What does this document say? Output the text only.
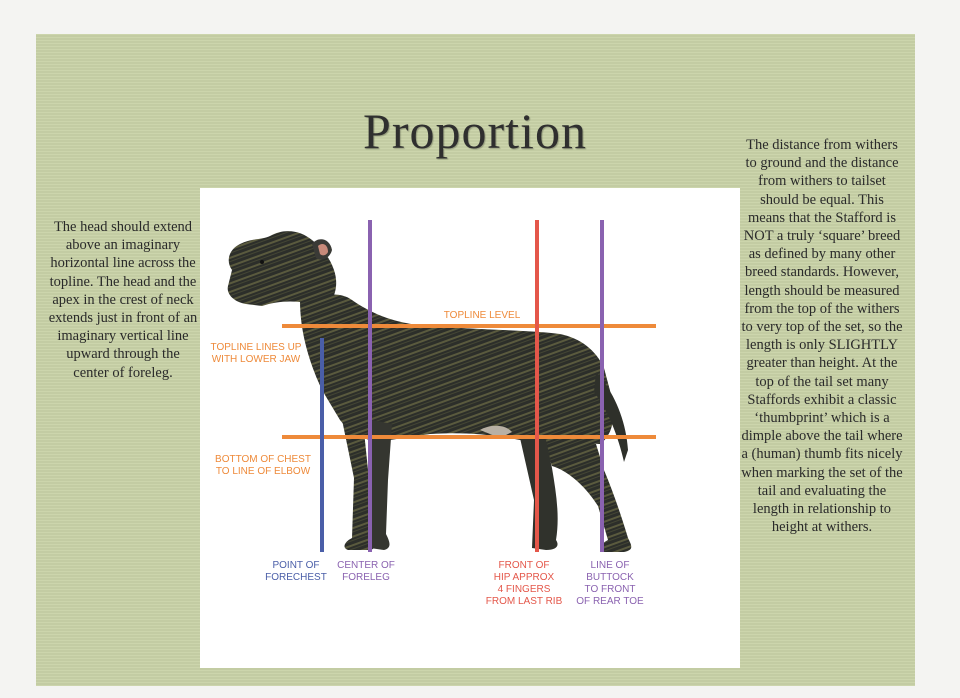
Proportion
The head should extend above an imaginary horizontal line across the topline. The head and the apex in the crest of neck extends just in front of an imaginary vertical line upward through the center of foreleg.
The distance from withers to ground and the distance from withers to tailset should be equal. This means that the Stafford is NOT a truly ‘square’ breed as defined by many other breed standards. However, length should be measured from the top of the withers to very top of the set, so the length is only SLIGHTLY greater than height. At the top of the tail set many Staffords exhibit a classic ‘thumbprint’ which is a dimple above the tail where a (human) thumb fits nicely when marking the set of the tail and evaluating the length in relationship to height at withers.
TOPLINE LEVEL
TOPLINE LINES UP
WITH LOWER JAW
BOTTOM OF CHEST
TO LINE OF ELBOW
POINT OF
FORECHEST
CENTER OF
FORELEG
FRONT OF
HIP APPROX
4 FINGERS
FROM LAST RIB
LINE OF
BUTTOCK
TO FRONT
OF REAR TOE
